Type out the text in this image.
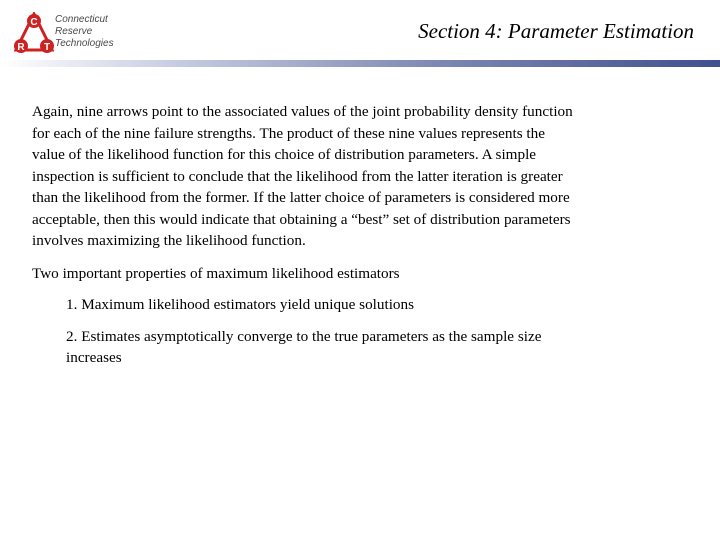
C
R T
Connecticut
Reserve
Technologies
Section 4: Parameter Estimation

Again, nine arrows point to the associated values of the joint probability density function
for each of the nine failure strengths. The product of these nine values represents the
value of the likelihood function for this choice of distribution parameters. A simple
inspection is sufficient to conclude that the likelihood from the latter iteration is greater
than the likelihood from the former. If the latter choice of parameters is considered more
acceptable, then this would indicate that obtaining a “best” set of distribution parameters
involves maximizing the likelihood function.

Two important properties of maximum likelihood estimators

1. Maximum likelihood estimators yield unique solutions
2. Estimates asymptotically converge to the true parameters as the sample size
increases
